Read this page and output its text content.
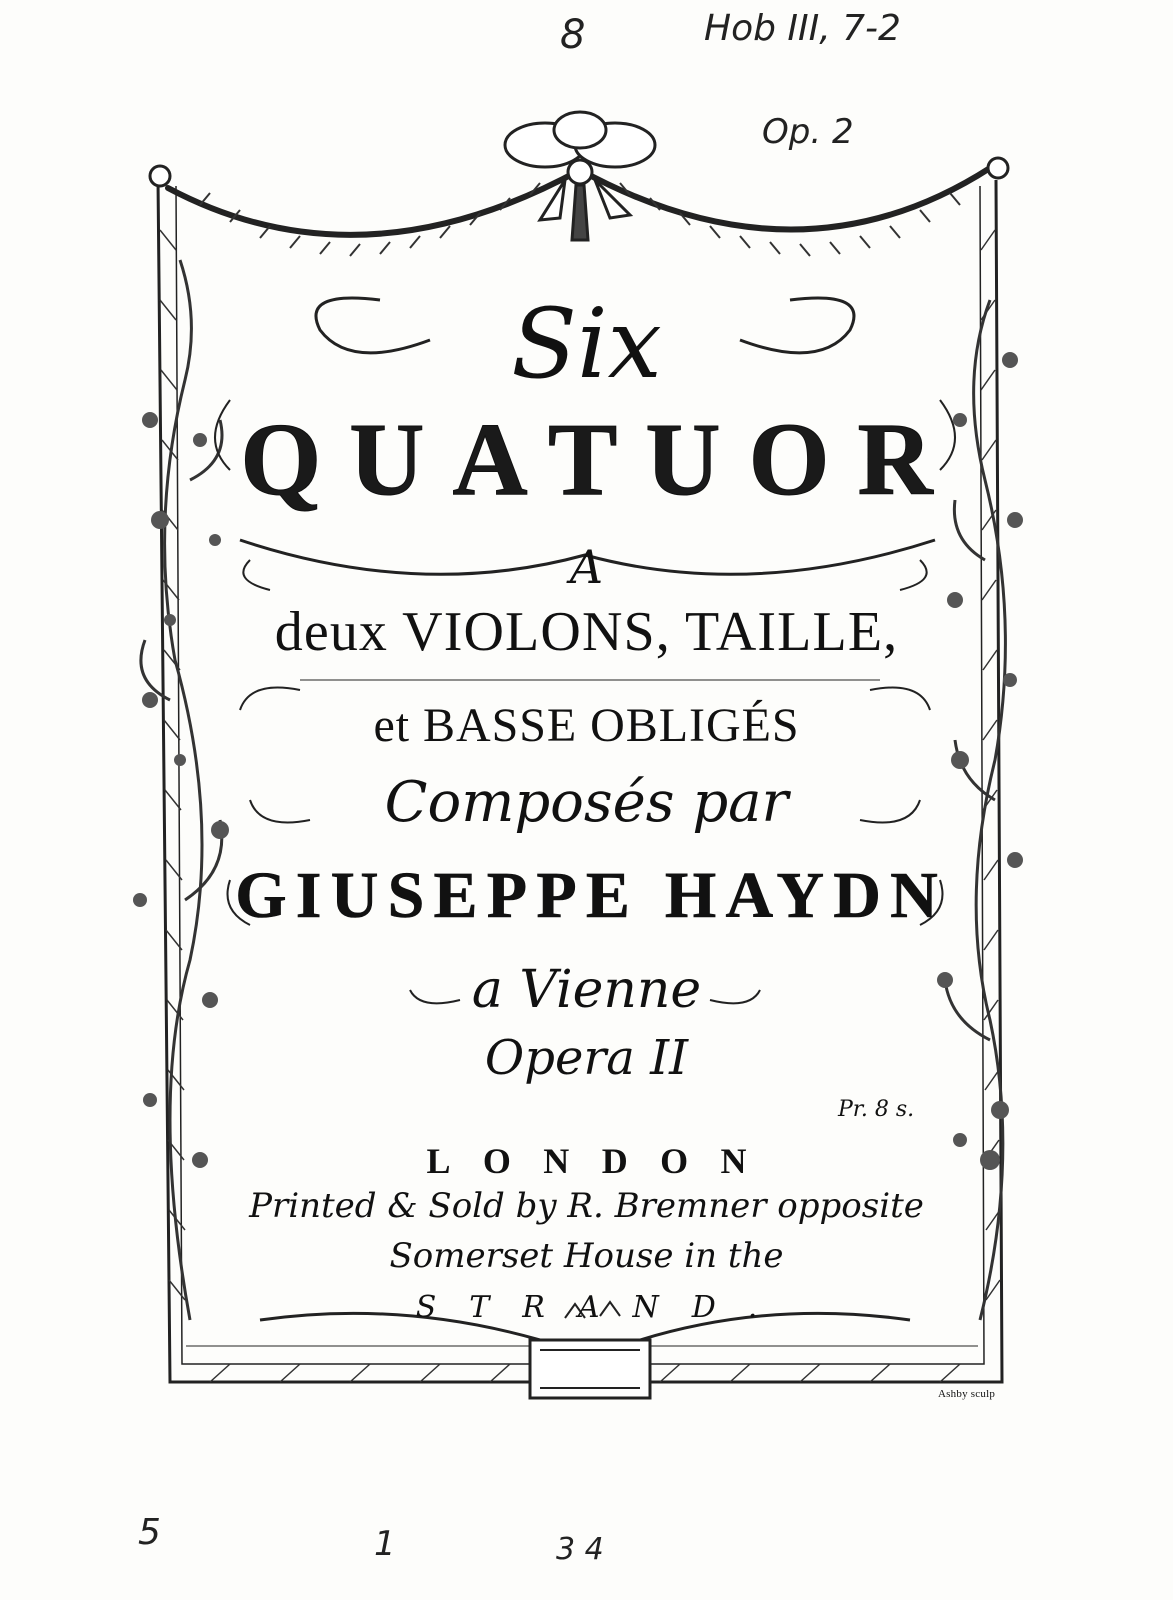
Six
QUATUOR
A
deux VIOLONS, TAILLE,
et BASSE OBLIGÉS
Composés par
GIUSEPPE HAYDN
a Vienne
Opera II
Pr. 8 s.
LONDON
Printed & Sold by R. Bremner opposite
Somerset House in the
STRAND.
Ashby sculp
8	Hob III, 7-2
Op. 2
5	1	3 4
